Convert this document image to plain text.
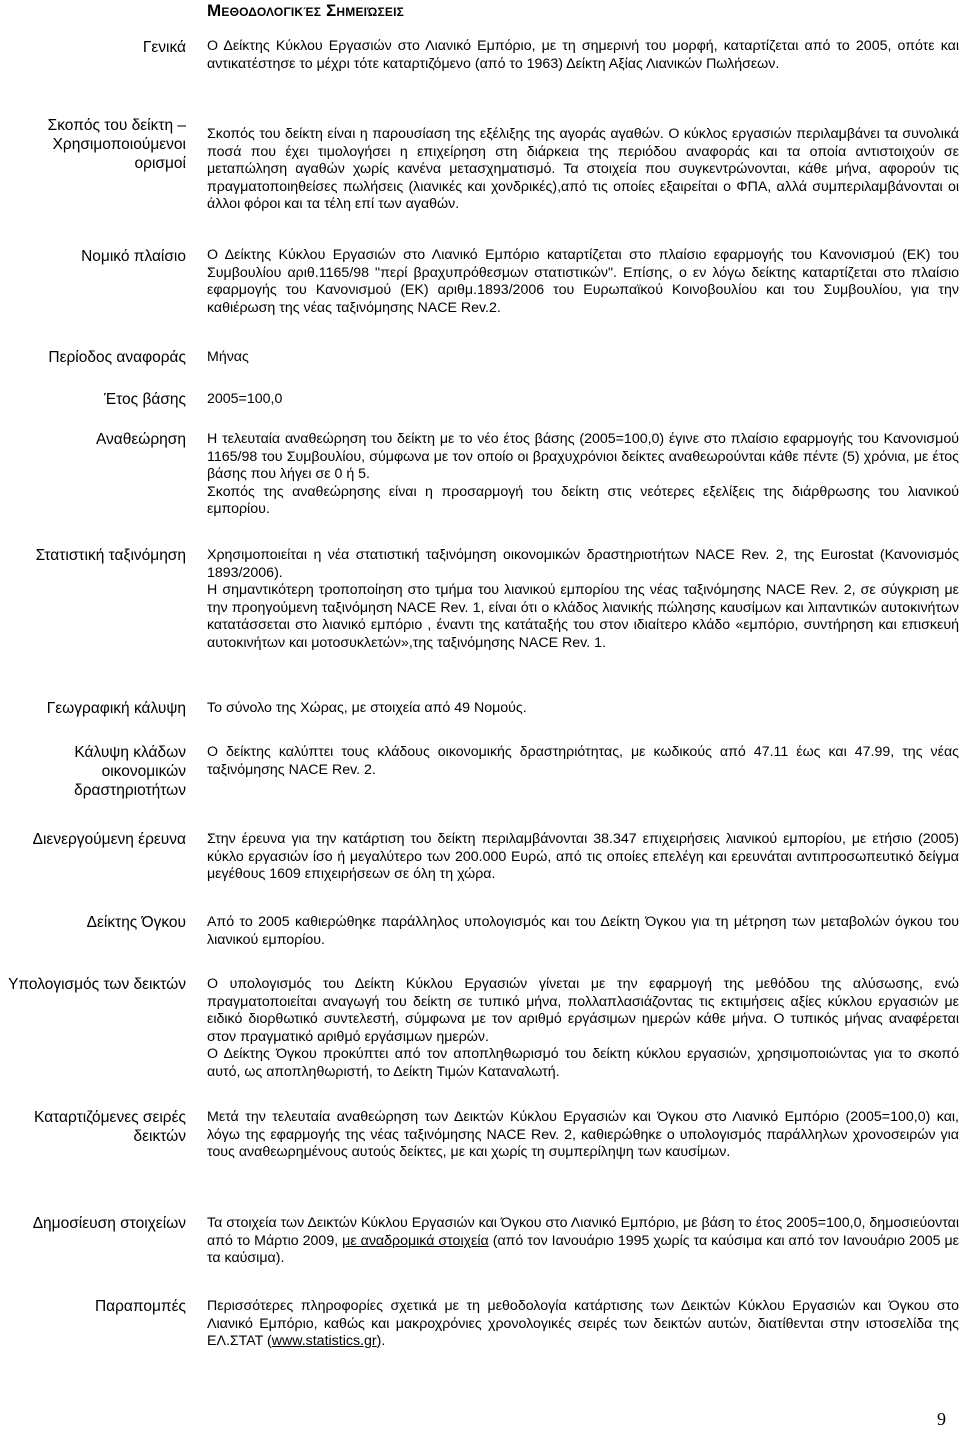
Μεθοδολογικές Σημειώσεις
Γενικά Ο Δείκτης Κύκλου Εργασιών στο Λιανικό Εμπόριο, με τη σημερινή του μορφή, καταρτίζεται από το 2005, οπότε και αντικατέστησε το μέχρι τότε καταρτιζόμενο (από το 1963) Δείκτη Αξίας Λιανικών Πωλήσεων.

Σκοπός του δείκτη – Χρησιμοποιούμενοι ορισμοί

Σκοπός του δείκτη είναι η παρουσίαση της εξέλιξης της αγοράς αγαθών. Ο κύκλος εργασιών περιλαμβάνει τα συνολικά ποσά που έχει τιμολογήσει η επιχείρηση στη διάρκεια της περιόδου αναφοράς και τα οποία αντιστοιχούν σε μεταπώληση αγαθών χωρίς κανένα μετασχηματισμό. Τα στοιχεία που συγκεντρώνονται, κάθε μήνα, αφορούν τις πραγματοποιηθείσες πωλήσεις (λιανικές και χονδρικές),από τις οποίες εξαιρείται ο ΦΠΑ, αλλά συμπεριλαμβάνονται οι άλλοι φόροι και τα τέλη επί των αγαθών.

Νομικό πλαίσιο Ο Δείκτης Κύκλου Εργασιών στο Λιανικό Εμπόριο καταρτίζεται στο πλαίσιο εφαρμογής του Κανονισμού (ΕΚ) του Συμβουλίου αριθ.1165/98 "περί βραχυπρόθεσμων στατιστικών". Επίσης, ο εν λόγω δείκτης καταρτίζεται στο πλαίσιο εφαρμογής του Κανονισμού (ΕΚ) αριθμ.1893/2006 του Ευρωπαϊκού Κοινοβουλίου και του Συμβουλίου, για την καθιέρωση της νέας ταξινόμησης NACE Rev.2.

Περίοδος αναφοράς Μήνας

Έτος βάσης 2005=100,0

Αναθεώρηση Η τελευταία αναθεώρηση του δείκτη με το νέο έτος βάσης (2005=100,0) έγινε στο πλαίσιο εφαρμογής του Κανονισμού 1165/98 του Συμβουλίου, σύμφωνα με τον οποίο οι βραχυχρόνιοι δείκτες αναθεωρούνται κάθε πέντε (5) χρόνια, με έτος βάσης που λήγει σε 0 ή 5.

Σκοπός της αναθεώρησης είναι η προσαρμογή του δείκτη στις νεότερες εξελίξεις της διάρθρωσης του λιανικού εμπορίου.

Στατιστική ταξινόμηση Χρησιμοποιείται η νέα στατιστική ταξινόμηση οικονομικών δραστηριοτήτων NACE Rev. 2, της Eurostat (Κανονισμός 1893/2006).

Η σημαντικότερη τροποποίηση στο τμήμα του λιανικού εμπορίου της νέας ταξινόμησης NACE Rev. 2, σε σύγκριση με την προηγούμενη ταξινόμηση NACE Rev. 1, είναι ότι ο κλάδος λιανικής πώλησης καυσίμων και λιπαντικών αυτοκινήτων κατατάσσεται στο λιανικό εμπόριο , έναντι της κατάταξής του στον ιδιαίτερο κλάδο «εμπόριο, συντήρηση και επισκευή αυτοκινήτων και μοτοσυκλετών»,της ταξινόμησης NACE Rev. 1.

Γεωγραφική κάλυψη Το σύνολο της Χώρας, με στοιχεία από 49 Νομούς.

Κάλυψη κλάδων οικονομικών δραστηριοτήτων

Ο δείκτης καλύπτει τους κλάδους οικονομικής δραστηριότητας, με κωδικούς από 47.11 έως και 47.99, της νέας ταξινόμησης NACE Rev. 2.

Διενεργούμενη έρευνα Στην έρευνα για την κατάρτιση του δείκτη περιλαμβάνονται 38.347 επιχειρήσεις λιανικού εμπορίου, με ετήσιο (2005) κύκλο εργασιών ίσο ή μεγαλύτερο των 200.000 Ευρώ, από τις οποίες επελέγη και ερευνάται αντιπροσωπευτικό δείγμα μεγέθους 1609 επιχειρήσεων σε όλη τη χώρα.

Δείκτης Όγκου Από το 2005 καθιερώθηκε παράλληλος υπολογισμός και του Δείκτη Όγκου για τη μέτρηση των μεταβολών όγκου του λιανικού εμπορίου.

Υπολογισμός των δεικτών Ο υπολογισμός του Δείκτη Κύκλου Εργασιών γίνεται με την εφαρμογή της μεθόδου της αλύσωσης, ενώ πραγματοποιείται αναγωγή του δείκτη σε τυπικό μήνα, πολλαπλασιάζοντας τις εκτιμήσεις αξίες κύκλου εργασιών με ειδικό διορθωτικό συντελεστή, σύμφωνα με τον αριθμό εργάσιμων ημερών κάθε μήνα. Ο τυπικός μήνας αναφέρεται στον πραγματικό αριθμό εργάσιμων ημερών.

Ο Δείκτης Όγκου προκύπτει από τον αποπληθωρισμό του δείκτη κύκλου εργασιών, χρησιμοποιώντας για το σκοπό αυτό, ως αποπληθωριστή, το Δείκτη Τιμών Καταναλωτή.

Καταρτιζόμενες σειρές δεικτών

Μετά την τελευταία αναθεώρηση των Δεικτών Κύκλου Εργασιών και Όγκου στο Λιανικό Εμπόριο (2005=100,0) και, λόγω της εφαρμογής της νέας ταξινόμησης NACE Rev. 2, καθιερώθηκε ο υπολογισμός παράλληλων χρονοσειρών για τους αναθεωρημένους αυτούς δείκτες, με και χωρίς τη συμπερίληψη των καυσίμων.

Δημοσίευση στοιχείων Τα στοιχεία των Δεικτών Κύκλου Εργασιών και Όγκου στο Λιανικό Εμπόριο, με βάση το έτος 2005=100,0, δημοσιεύονται από το Μάρτιο 2009, με αναδρομικά στοιχεία (από τον Ιανουάριο 1995 χωρίς τα καύσιμα και από τον Ιανουάριο 2005 με τα καύσιμα).

Παραπομπές Περισσότερες πληροφορίες σχετικά με τη μεθοδολογία κατάρτισης των Δεικτών Κύκλου Εργασιών και Όγκου στο Λιανικό Εμπόριο, καθώς και μακροχρόνιες χρονολογικές σειρές των δεικτών αυτών, διατίθενται στην ιστοσελίδα της ΕΛ.ΣΤΑΤ (www.statistics.gr).

9
